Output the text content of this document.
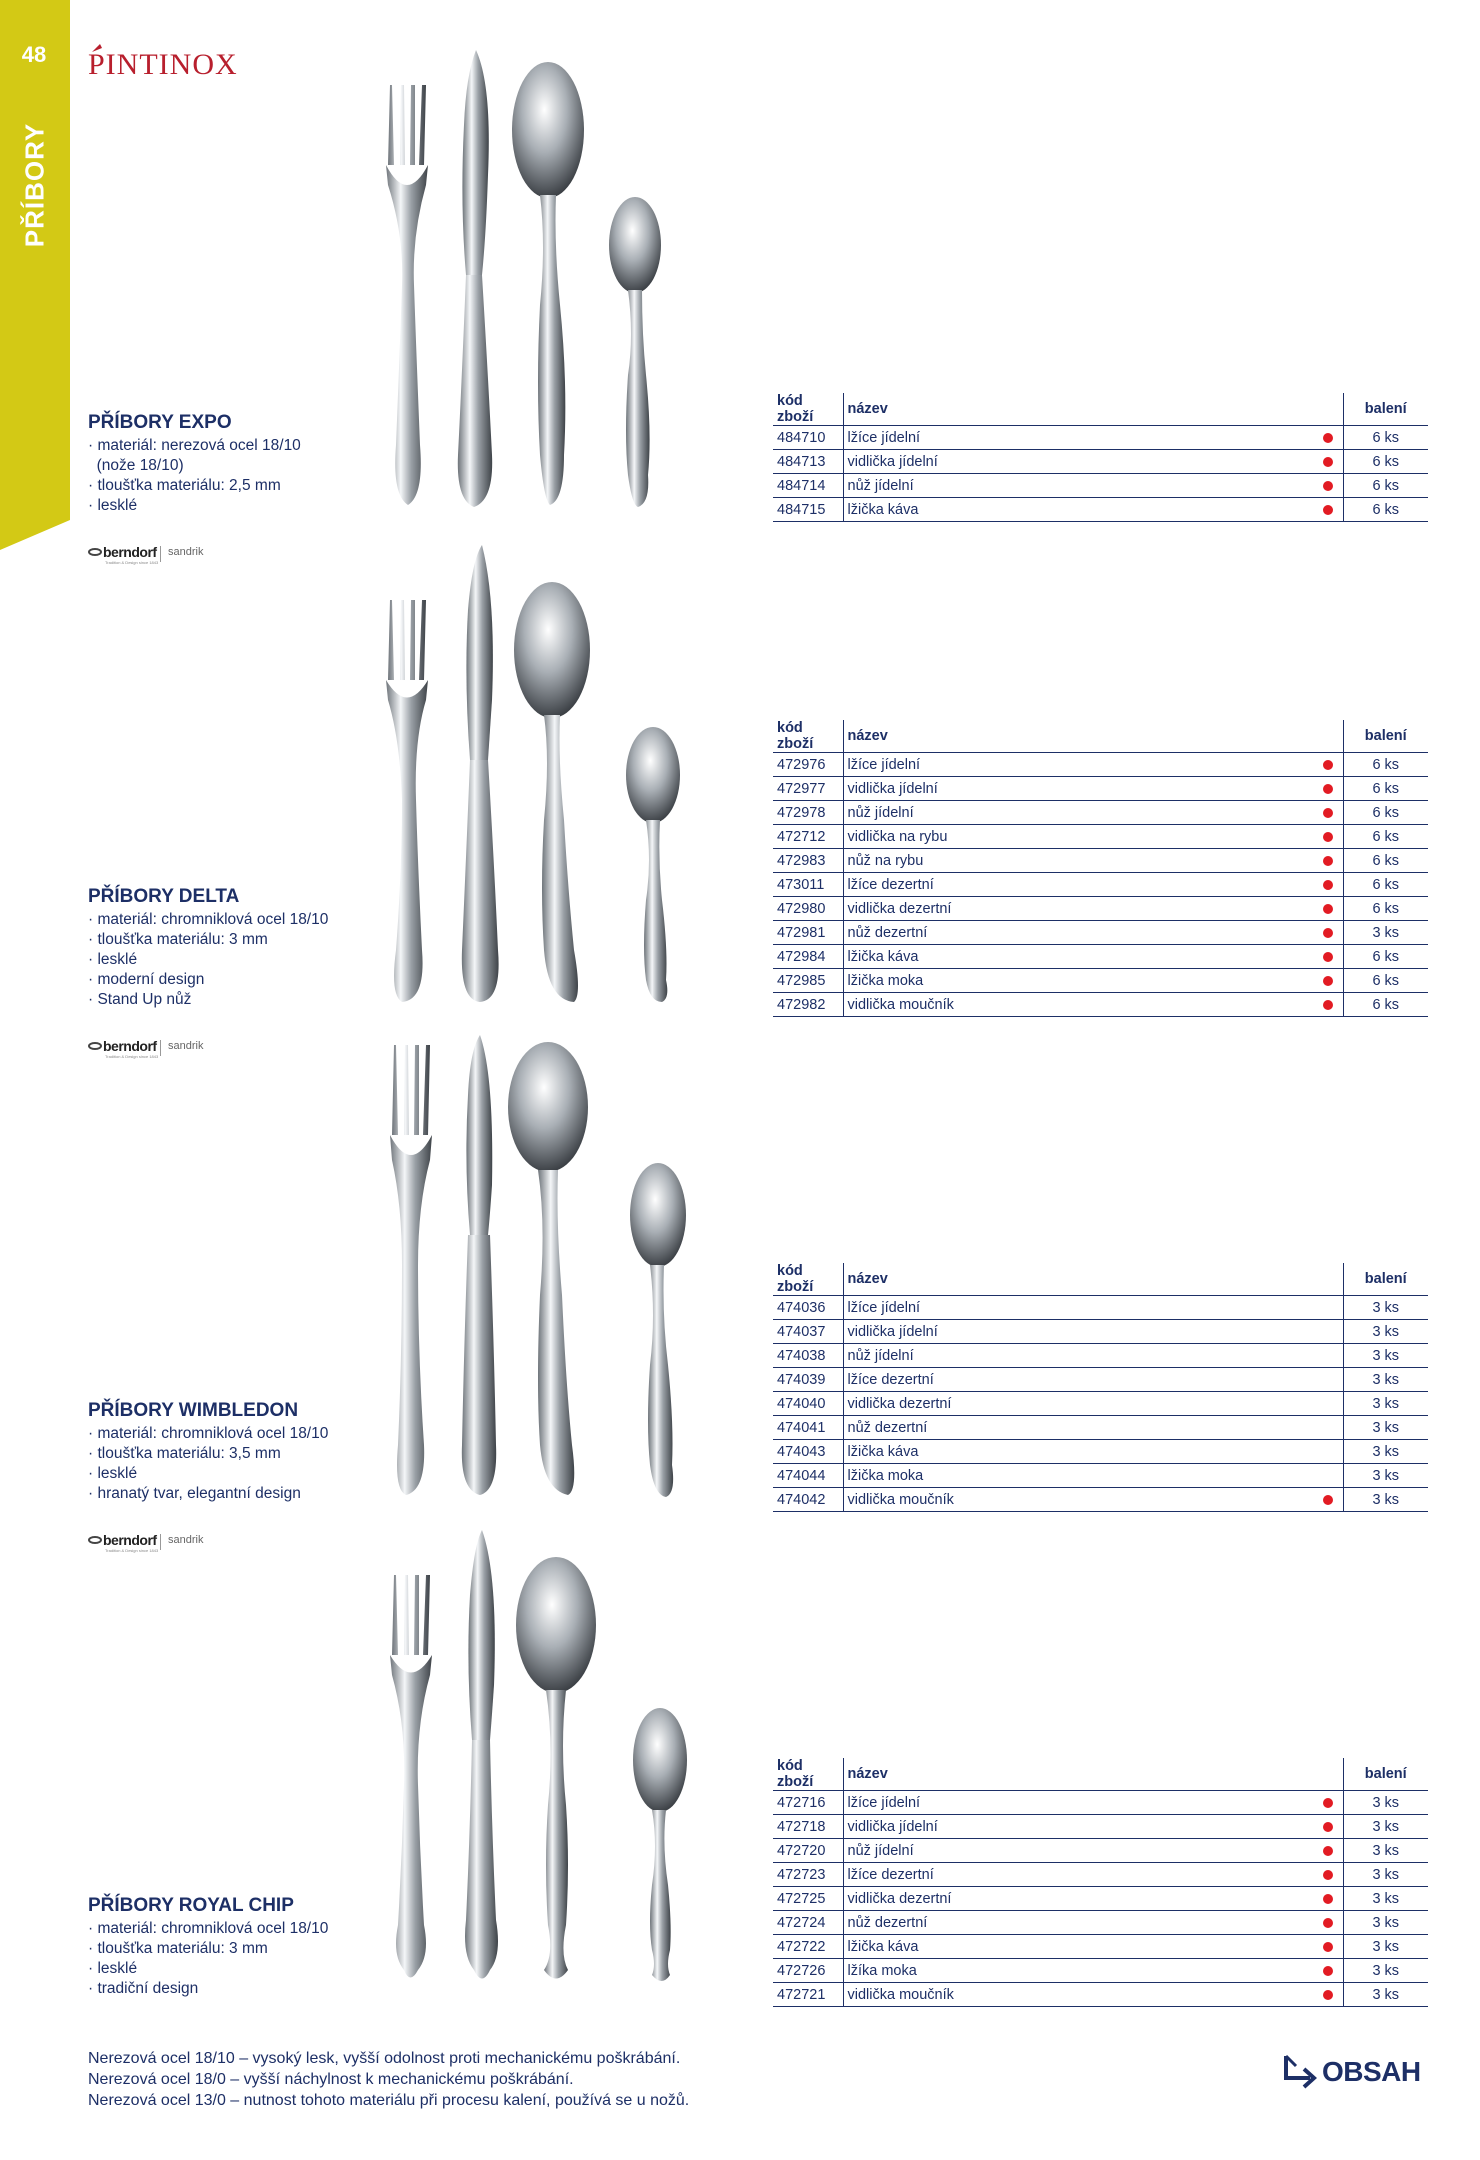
48
PŘÍBORY
PINTINOX
berndorf sandrik
Tradition & Design since 1843
berndorf sandrik
Tradition & Design since 1843
berndorf sandrik
Tradition & Design since 1843
PŘÍBORY EXPO
· materiál: nerezová ocel 18/10
(nože 18/10)
· tloušťka materiálu: 2,5 mm
· lesklé
PŘÍBORY DELTA
· materiál: chromniklová ocel 18/10
· tloušťka materiálu: 3 mm
· lesklé
· moderní design
· Stand Up nůž
PŘÍBORY WIMBLEDON
· materiál: chromniklová ocel 18/10
· tloušťka materiálu: 3,5 mm
· lesklé
· hranatý tvar, elegantní design
PŘÍBORY ROYAL CHIP
· materiál: chromniklová ocel 18/10
· tloušťka materiálu: 3 mm
· lesklé
· tradiční design
kód zboží	název		balení
484710	lžíce jídelní		6 ks
484713	vidlička jídelní		6 ks
484714	nůž jídelní		6 ks
484715	lžička káva		6 ks
kód zboží	název		balení
472976	lžíce jídelní		6 ks
472977	vidlička jídelní		6 ks
472978	nůž jídelní		6 ks
472712	vidlička na rybu		6 ks
472983	nůž na rybu		6 ks
473011	lžíce dezertní		6 ks
472980	vidlička dezertní		6 ks
472981	nůž dezertní		3 ks
472984	lžička káva		6 ks
472985	lžička moka		6 ks
472982	vidlička moučník		6 ks
kód zboží	název		balení
474036	lžíce jídelní		3 ks
474037	vidlička jídelní		3 ks
474038	nůž jídelní		3 ks
474039	lžíce dezertní		3 ks
474040	vidlička dezertní		3 ks
474041	nůž dezertní		3 ks
474043	lžička káva		3 ks
474044	lžička moka		3 ks
474042	vidlička moučník		3 ks
kód zboží	název		balení
472716	lžíce jídelní		3 ks
472718	vidlička jídelní		3 ks
472720	nůž jídelní		3 ks
472723	lžíce dezertní		3 ks
472725	vidlička dezertní		3 ks
472724	nůž dezertní		3 ks
472722	lžička káva		3 ks
472726	lžíka moka		3 ks
472721	vidlička moučník		3 ks
Nerezová ocel 18/10 – vysoký lesk, vyšší odolnost proti mechanickému poškrábání.
Nerezová ocel 18/0 – vyšší náchylnost k mechanickému poškrábání.
Nerezová ocel 13/0 – nutnost tohoto materiálu při procesu kalení, používá se u nožů.
OBSAH
